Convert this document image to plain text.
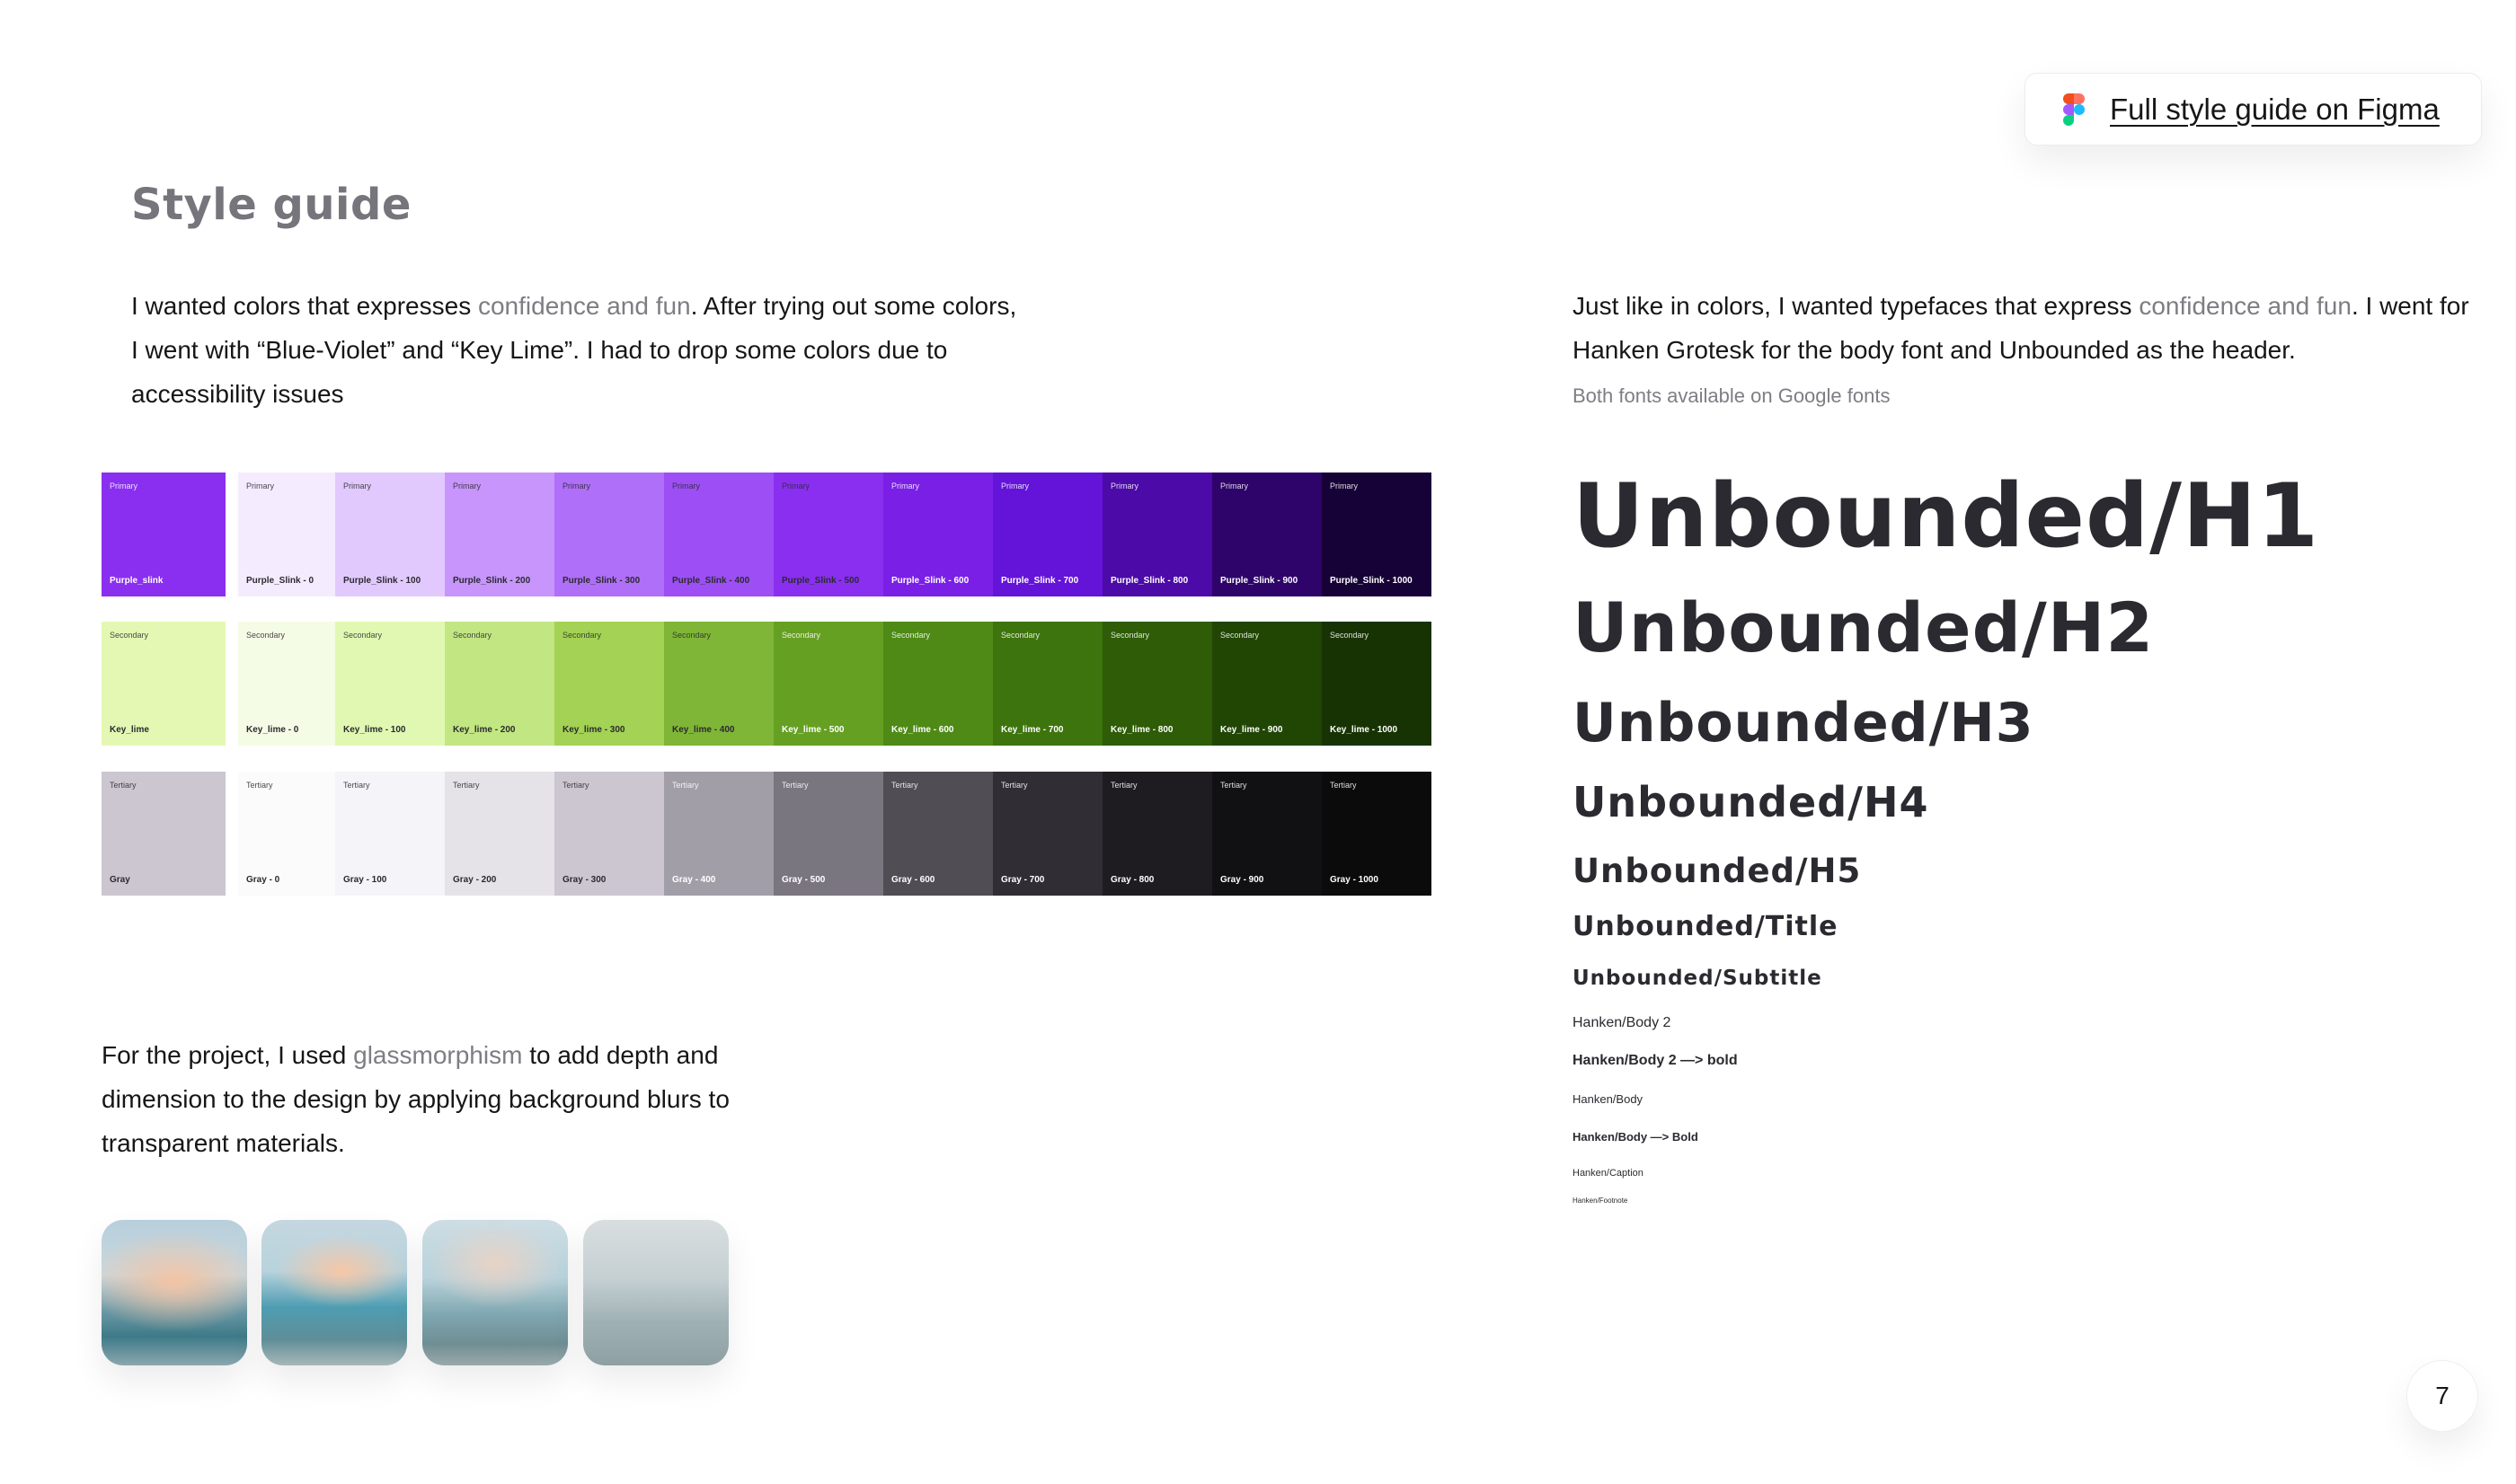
Full style guide on Figma
Style guide

I wanted colors that expresses confidence and fun. After trying out some colors, I went with “Blue-Violet” and “Key Lime”. I had to drop some colors due to accessibility issues

Just like in colors, I wanted typefaces that express confidence and fun. I went for Hanken Grotesk for the body font and Unbounded as the header.

Both fonts available on Google fonts

Primary
Purple_slink
Primary
Purple_Slink - 0
Primary
Purple_Slink - 100
Primary
Purple_Slink - 200
Primary
Purple_Slink - 300
Primary
Purple_Slink - 400
Primary
Purple_Slink - 500
Primary
Purple_Slink - 600
Primary
Purple_Slink - 700
Primary
Purple_Slink - 800
Primary
Purple_Slink - 900
Primary
Purple_Slink - 1000
Secondary
Key_lime
Secondary
Key_lime - 0
Secondary
Key_lime - 100
Secondary
Key_lime - 200
Secondary
Key_lime - 300
Secondary
Key_lime - 400
Secondary
Key_lime - 500
Secondary
Key_lime - 600
Secondary
Key_lime - 700
Secondary
Key_lime - 800
Secondary
Key_lime - 900
Secondary
Key_lime - 1000
Tertiary
Gray
Tertiary
Gray - 0
Tertiary
Gray - 100
Tertiary
Gray - 200
Tertiary
Gray - 300
Tertiary
Gray - 400
Tertiary
Gray - 500
Tertiary
Gray - 600
Tertiary
Gray - 700
Tertiary
Gray - 800
Tertiary
Gray - 900
Tertiary
Gray - 1000

For the project, I used glassmorphism to add depth and dimension to the design by applying background blurs to transparent materials.

Unbounded/H1
Unbounded/H2
Unbounded/H3
Unbounded/H4
Unbounded/H5
Unbounded/Title
Unbounded/Subtitle
Hanken/Body 2
Hanken/Body 2 —> bold
Hanken/Body
Hanken/Body —> Bold
Hanken/Caption
Hanken/Footnote
7
